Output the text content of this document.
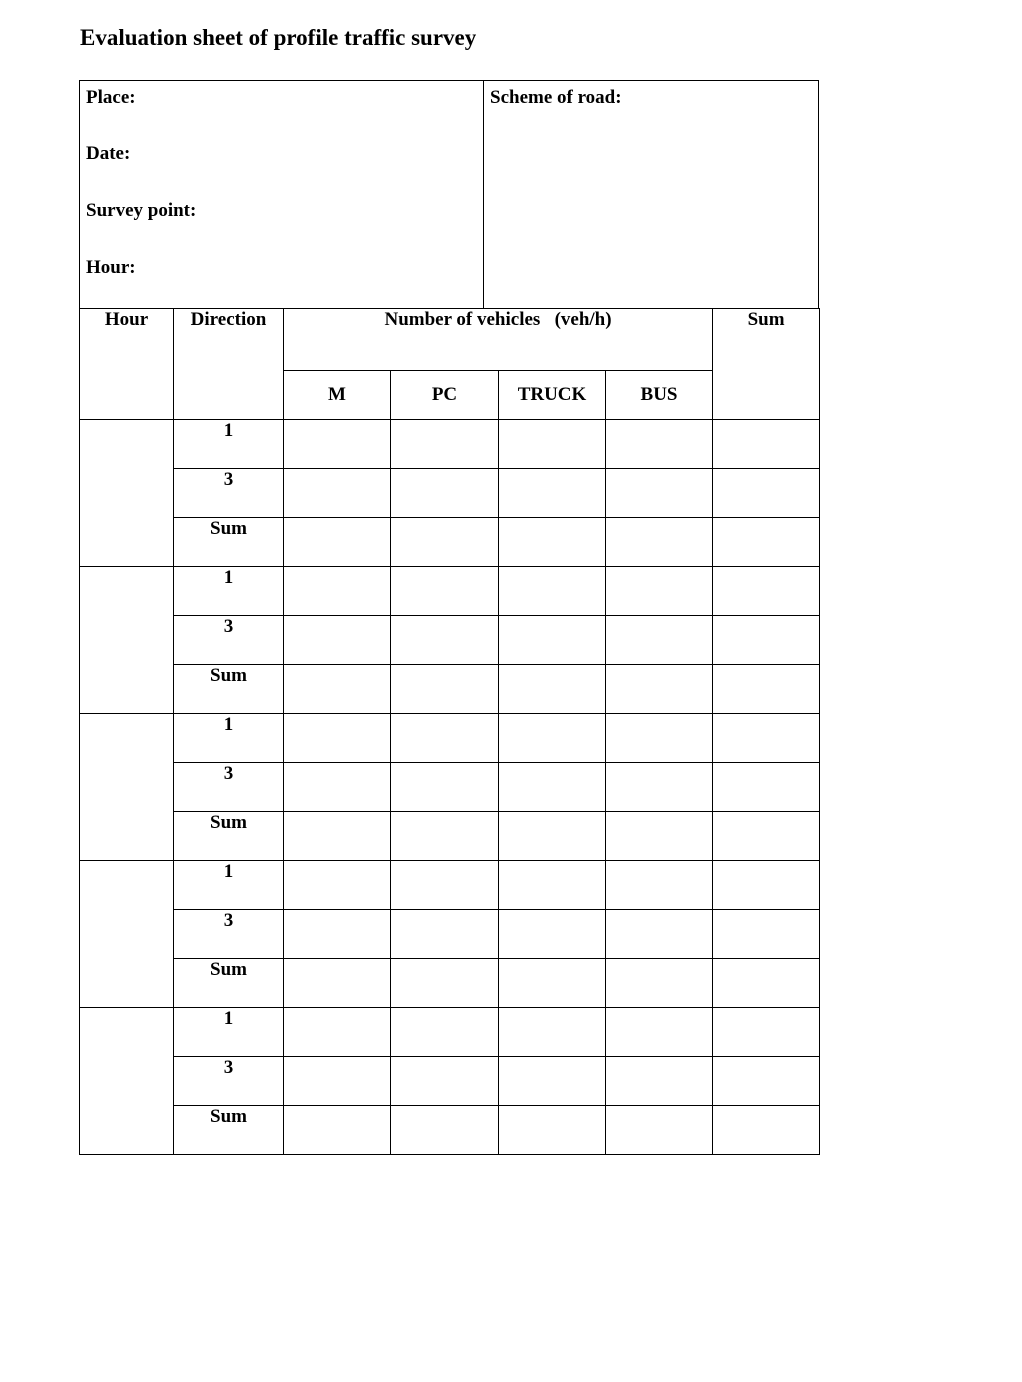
Evaluation sheet of profile traffic survey
Place:
Date:
Survey point:
Hour:
Scheme of road:
Hour	Direction	Number of vehicles   (veh/h)				Sum
		M	PC	TRUCK	BUS	
	1					
	3					
	Sum					
	1					
	3					
	Sum					
	1					
	3					
	Sum					
	1					
	3					
	Sum					
	1					
	3					
	Sum					
